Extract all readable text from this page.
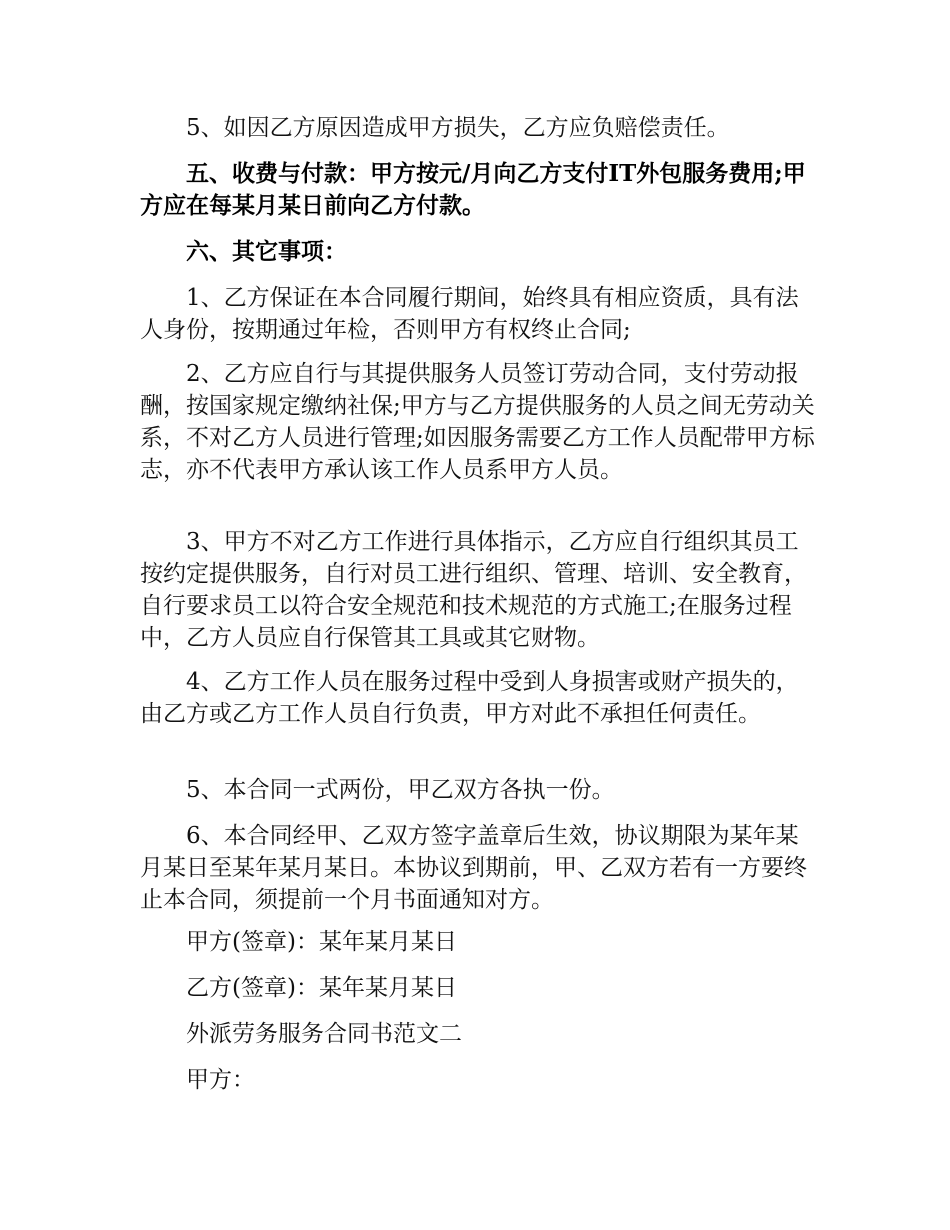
5、如因乙方原因造成甲方损失，乙方应负赔偿责任。

五、收费与付款：甲方按元/月向乙方支付IT外包服务费用;甲方应在每某月某日前向乙方付款。

六、其它事项：

1、乙方保证在本合同履行期间，始终具有相应资质，具有法人身份，按期通过年检，否则甲方有权终止合同;

2、乙方应自行与其提供服务人员签订劳动合同，支付劳动报酬，按国家规定缴纳社保;甲方与乙方提供服务的人员之间无劳动关系，不对乙方人员进行管理;如因服务需要乙方工作人员配带甲方标志，亦不代表甲方承认该工作人员系甲方人员。

3、甲方不对乙方工作进行具体指示，乙方应自行组织其员工按约定提供服务，自行对员工进行组织、管理、培训、安全教育，自行要求员工以符合安全规范和技术规范的方式施工;在服务过程中，乙方人员应自行保管其工具或其它财物。

4、乙方工作人员在服务过程中受到人身损害或财产损失的，由乙方或乙方工作人员自行负责，甲方对此不承担任何责任。

5、本合同一式两份，甲乙双方各执一份。

6、本合同经甲、乙双方签字盖章后生效，协议期限为某年某月某日至某年某月某日。本协议到期前，甲、乙双方若有一方要终止本合同，须提前一个月书面通知对方。

甲方(签章)：某年某月某日

乙方(签章)：某年某月某日

外派劳务服务合同书范文二

甲方：
